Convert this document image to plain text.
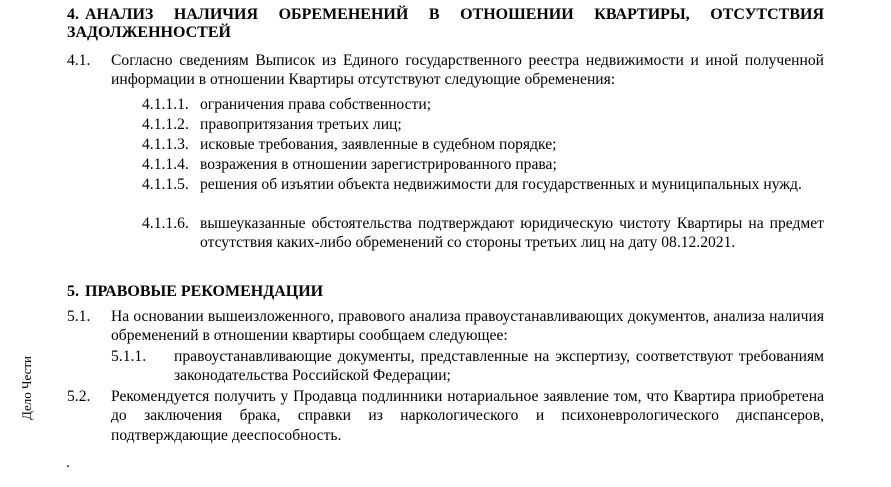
4. АНАЛИЗ НАЛИЧИЯ ОБРЕМЕНЕНИЙ В ОТНОШЕНИИ КВАРТИРЫ, ОТСУТСТВИЯ ЗАДОЛЖЕННОСТЕЙ
4.1. Согласно сведениям Выписок из Единого государственного реестра недвижимости и иной полученной информации в отношении Квартиры отсутствуют следующие обременения:
4.1.1.1. ограничения права собственности;
4.1.1.2. правопритязания третьих лиц;
4.1.1.3. исковые требования, заявленные в судебном порядке;
4.1.1.4. возражения в отношении зарегистрированного права;
4.1.1.5. решения об изъятии объекта недвижимости для государственных и муниципальных нужд.
4.1.1.6. вышеуказанные обстоятельства подтверждают юридическую чистоту Квартиры на предмет отсутствия каких-либо обременений со стороны третьих лиц на дату 08.12.2021.
5. ПРАВОВЫЕ РЕКОМЕНДАЦИИ
5.1. На основании вышеизложенного, правового анализа правоустанавливающих документов, анализа наличия обременений в отношении квартиры сообщаем следующее:
5.1.1. правоустанавливающие документы, представленные на экспертизу, соответствуют требованиям законодательства Российской Федерации;
5.2. Рекомендуется получить у Продавца подлинники нотариальное заявление том, что Квартира приобретена до заключения брака, справки из наркологического и психоневрологического диспансеров, подтверждающие дееспособность.
Дело Чести
.
